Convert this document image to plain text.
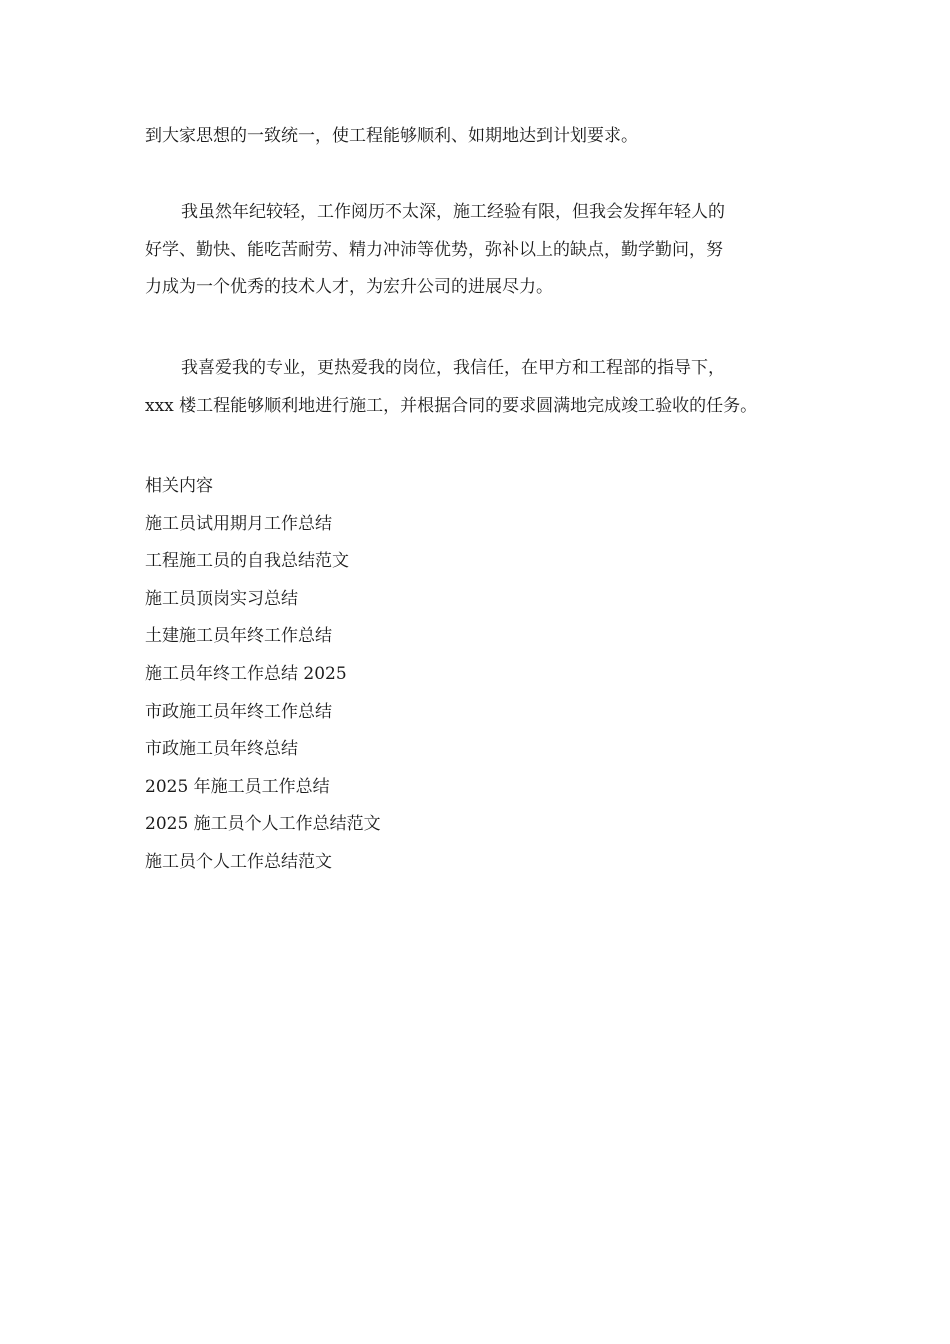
到大家思想的一致统一，使工程能够顺利、如期地达到计划要求。
我虽然年纪较轻，工作阅历不太深，施工经验有限，但我会发挥年轻人的
好学、勤快、能吃苦耐劳、精力冲沛等优势，弥补以上的缺点，勤学勤问，努
力成为一个优秀的技术人才，为宏升公司的进展尽力。
我喜爱我的专业，更热爱我的岗位，我信任，在甲方和工程部的指导下，
xxx 楼工程能够顺利地进行施工，并根据合同的要求圆满地完成竣工验收的任务。
相关内容
施工员试用期月工作总结
工程施工员的自我总结范文
施工员顶岗实习总结
土建施工员年终工作总结
施工员年终工作总结 2025
市政施工员年终工作总结
市政施工员年终总结
2025 年施工员工作总结
2025 施工员个人工作总结范文
施工员个人工作总结范文
